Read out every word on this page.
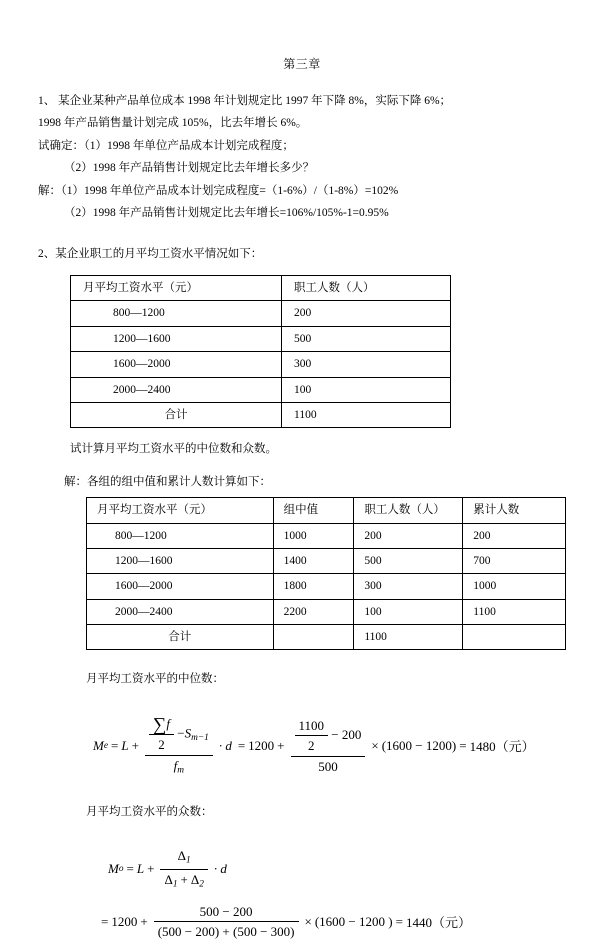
第三章
1、 某企业某种产品单位成本 1998 年计划规定比 1997 年下降 8%，实际下降 6%；
1998 年产品销售量计划完成 105%，比去年增长 6%。
试确定：（1）1998 年单位产品成本计划完成程度；
（2）1998 年产品销售计划规定比去年增长多少？
解：（1）1998 年单位产品成本计划完成程度=（1-6%）/（1-8%）=102%
（2）1998 年产品销售计划规定比去年增长=106%/105%-1=0.95%
2、某企业职工的月平均工资水平情况如下：
月平均工资水平（元）	职工人数（人）
800—1200	200
1200—1600	500
1600—2000	300
2000—2400	100
合计	1100
试计算月平均工资水平的中位数和众数。
解：各组的组中值和累计人数计算如下：
月平均工资水平（元）	组中值	职工人数（人）	累计人数
800—1200	1000	200	200
1200—1600	1400	500	700
1600—2000	1800	300	1000
2000—2400	2200	100	1100
合计		1100	
月平均工资水平的中位数：
M $e = L + \frac{\frac{\sum f}{2} -S_{m-1}}{f_m} \cdot d = 1200 + \frac{\frac{1100}{2} - 200}{500} \times (1600 - 1200) = 1480$（元）
月平均工资水平的众数：
M $o = L + \frac{\Delta_1}{\Delta_1 + \Delta_2} \cdot d$
= $1200 + \frac{500 - 200}{(500 - 200) + (500 - 300)} \times (1600 - 1200$ ) = 1440（元）
